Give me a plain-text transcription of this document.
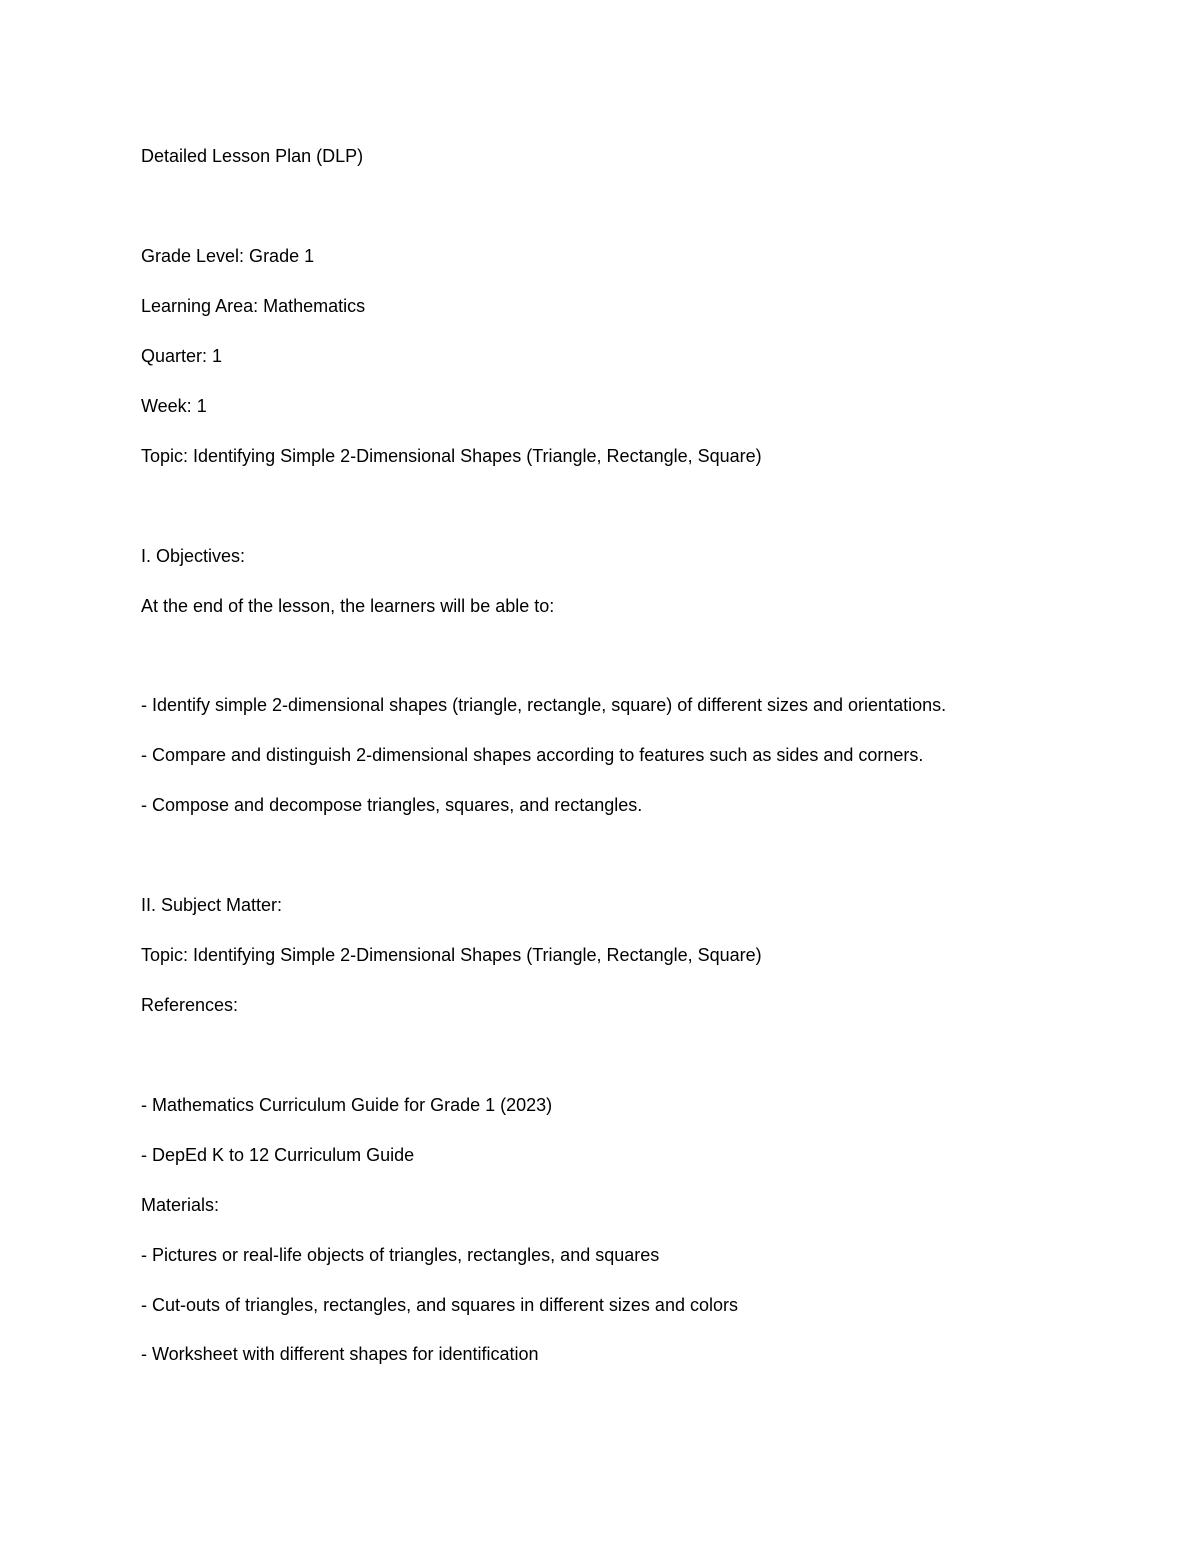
Detailed Lesson Plan (DLP)
Grade Level: Grade 1
Learning Area: Mathematics
Quarter: 1
Week: 1
Topic: Identifying Simple 2-Dimensional Shapes (Triangle, Rectangle, Square)
I. Objectives:
At the end of the lesson, the learners will be able to:
- Identify simple 2-dimensional shapes (triangle, rectangle, square) of different sizes and orientations.
- Compare and distinguish 2-dimensional shapes according to features such as sides and corners.
- Compose and decompose triangles, squares, and rectangles.
II. Subject Matter:
Topic: Identifying Simple 2-Dimensional Shapes (Triangle, Rectangle, Square)
References:
- Mathematics Curriculum Guide for Grade 1 (2023)
- DepEd K to 12 Curriculum Guide
Materials:
- Pictures or real-life objects of triangles, rectangles, and squares
- Cut-outs of triangles, rectangles, and squares in different sizes and colors
- Worksheet with different shapes for identification
